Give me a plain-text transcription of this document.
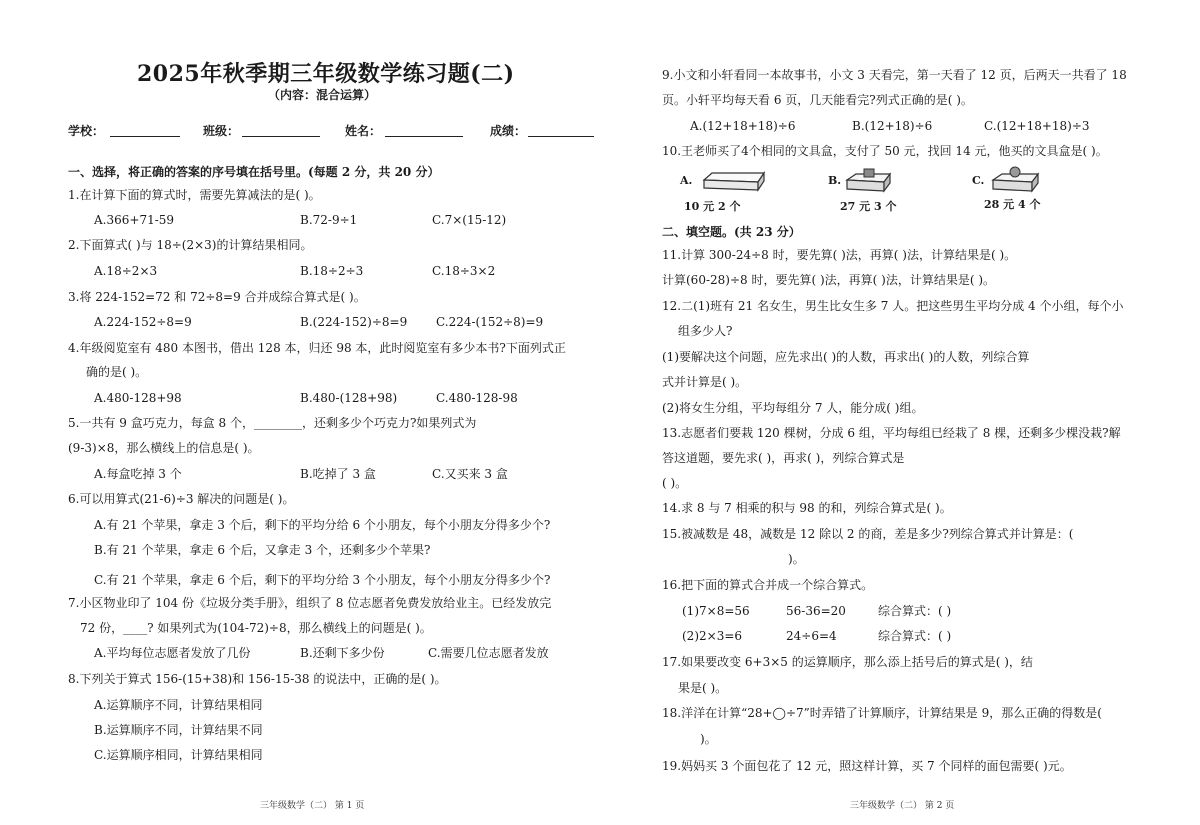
2025年秋季期三年级数学练习题(二)
（内容：混合运算）
学校：	班级：	姓名：	成绩：
一、选择，将正确的答案的序号填在括号里。(每题 2 分，共 20 分）
1.在计算下面的算式时，需要先算减法的是( )。
A.366+71-59	B.72-9÷1	C.7×(15-12)
2.下面算式( )与 18÷(2×3)的计算结果相同。
A.18÷2×3	B.18÷2÷3	C.18÷3×2
3.将 224-152=72 和 72÷8=9 合并成综合算式是( )。
A.224-152÷8=9	B.(224-152)÷8=9 C.224-(152÷8)=9
4.年级阅览室有 480 本图书，借出 128 本，归还 98 本，此时阅览室有多少本书?下面列式正
确的是( )。
A.480-128+98	B.480-(128+98)	C.480-128-98
5.一共有 9 盒巧克力，每盒 8 个，________，还剩多少个巧克力?如果列式为
(9-3)×8，那么横线上的信息是( )。
A.每盒吃掉 3 个	B.吃掉了 3 盒	C.又买来 3 盒
6.可以用算式(21-6)÷3 解决的问题是( )。
A.有 21 个苹果，拿走 3 个后，剩下的平均分给 6 个小朋友，每个小朋友分得多少个?
B.有 21 个苹果，拿走 6 个后，又拿走 3 个，还剩多少个苹果?
C.有 21 个苹果，拿走 6 个后，剩下的平均分给 3 个小朋友，每个小朋友分得多少个?
7.小区物业印了 104 份《垃圾分类手册》，组织了 8 位志愿者免费发放给业主。已经发放完
72 份，____? 如果列式为(104-72)÷8，那么横线上的问题是( )。
A.平均每位志愿者发放了几份	B.还剩下多少份	C.需要几位志愿者发放
8.下列关于算式 156-(15+38)和 156-15-38 的说法中，正确的是( )。
A.运算顺序不同，计算结果相同
B.运算顺序不同，计算结果不同
C.运算顺序相同，计算结果相同
三年级数学（二） 第 1 页
9.小文和小轩看同一本故事书，小文 3 天看完，第一天看了 12 页，后两天一共看了 18
页。小轩平均每天看 6 页，几天能看完?列式正确的是( )。
A.(12+18+18)÷6	B.(12+18)÷6	C.(12+18+18)÷3
10.王老师买了4个相同的文具盒，支付了 50 元，找回 14 元，他买的文具盒是( )。
A.
10 元 2 个
B.
27 元 3 个
C.
28 元 4 个
二、填空题。(共 23 分）
11.计算 300-24÷8 时，要先算( )法，再算( )法，计算结果是( )。
计算(60-28)÷8 时，要先算( )法，再算( )法，计算结果是( )。
12.二(1)班有 21 名女生，男生比女生多 7 人。把这些男生平均分成 4 个小组，每个小
组多少人?
(1)要解决这个问题，应先求出( )的人数，再求出( )的人数，列综合算
式并计算是( )。
(2)将女生分组，平均每组分 7 人，能分成( )组。
13.志愿者们要栽 120 棵树，分成 6 组，平均每组已经栽了 8 棵，还剩多少棵没栽?解
答这道题，要先求( )，再求( )，列综合算式是
( )。
14.求 8 与 7 相乘的积与 98 的和，列综合算式是( )。
15.被减数是 48，减数是 12 除以 2 的商，差是多少?列综合算式并计算是：(
)。
16.把下面的算式合并成一个综合算式。
(1)7×8=56	56-36=20	综合算式：( )
(2)2×3=6	24÷6=4	综合算式：( )
17.如果要改变 6+3×5 的运算顺序，那么添上括号后的算式是( )，结
果是( )。
18.洋洋在计算“28+◯÷7”时弄错了计算顺序，计算结果是 9，那么正确的得数是(
)。
19.妈妈买 3 个面包花了 12 元，照这样计算，买 7 个同样的面包需要( )元。
三年级数学（二） 第 2 页
